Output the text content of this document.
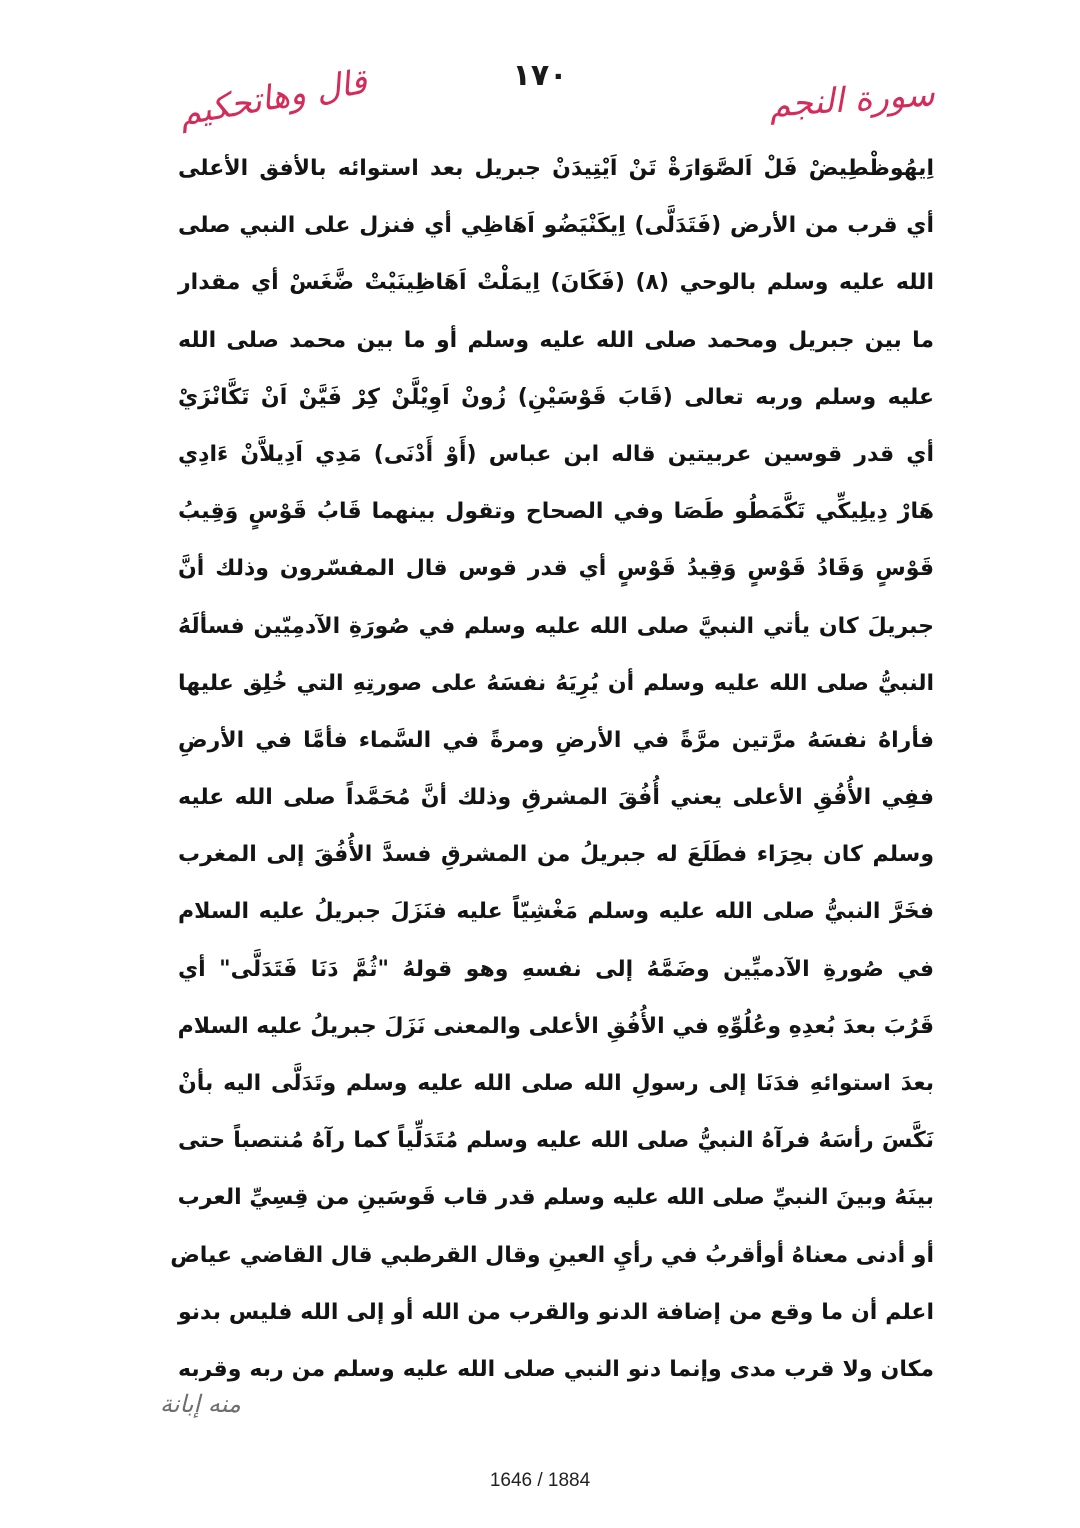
١٧٠	سورة النجم
قال وهاتحكيم
اِيهُوظْطِيضْ فَلْ اَلصَّوَارَةْ تَنْ اَيْتِيدَنْ جبريل بعد استوائه بالأفق الأعلى
أي قرب من الأرض (فَتَدَلَّى) اِيكَنْيَضُو اَهَاظِي أي فنزل على النبي صلى
الله عليه وسلم بالوحي (٨) (فَكَانَ) اِيمَلْتْ اَهَاظِينَيْتْ ضَّغَسْ أي مقدار
ما بين جبريل ومحمد صلى الله عليه وسلم أو ما بين محمد صلى الله
عليه وسلم وربه تعالى (قَابَ قَوْسَيْنِ) زُونْ اَوِيْلَّنْ كِرْ فَيَّنْ اَنْ تَكَّانْزَيْ
أي قدر قوسين عربيتين قاله ابن عباس (أَوْ أَدْنَى) مَدِي اَدِيلاَّنْ ءَادِي
هَارْ دِيلِيكِّي تَكَّمَطُو طَصَا وفي الصحاح وتقول بينهما قَابُ قَوْسٍ وَقِيبُ
قَوْسٍ وَقَادُ قَوْسٍ وَقِيدُ قَوْسٍ أي قدر قوس قال المفسّرون وذلك أنَّ
جبريلَ كان يأتي النبيَّ صلى الله عليه وسلم في صُورَةِ الآدمِيّين فسألَهُ
النبيُّ صلى الله عليه وسلم أن يُرِيَهُ نفسَهُ على صورتِهِ التي خُلِق عليها
فأراهُ نفسَهُ مرَّتين مرَّةً في الأرضِ ومرةً في السَّماء فأمَّا في الأرضِ
ففِي الأُفُقِ الأعلى يعني أُفُقَ المشرقِ وذلك أنَّ مُحَمَّداً صلى الله عليه
وسلم كان بحِرَاء فطَلَعَ له جبريلُ من المشرقِ فسدَّ الأُفُقَ إلى المغرب
فخَرَّ النبيُّ صلى الله عليه وسلم مَغْشِيّاً عليه فنَزَلَ جبريلُ عليه السلام
في صُورةِ الآدميِّين وضَمَّهُ إلى نفسهِ وهو قولهُ "ثُمَّ دَنَا فَتَدَلَّى" أي
قَرُبَ بعدَ بُعدِهِ وعُلُوِّهِ في الأُفُقِ الأعلى والمعنى نَزَلَ جبريلُ عليه السلام
بعدَ استوائهِ فدَنَا إلى رسولِ الله صلى الله عليه وسلم وتَدَلَّى اليه بأنْ
نَكَّسَ رأسَهُ فرآهُ النبيُّ صلى الله عليه وسلم مُتَدَلِّياً كما رآهُ مُنتصباً حتى
بينَهُ وبينَ النبيِّ صلى الله عليه وسلم قدر قاب قَوسَينِ من قِسِيِّ العرب
أو أدنى معناهُ أوأقربُ في رأيِ العينِ وقال القرطبي قال القاضي عياض
اعلم أن ما وقع من إضافة الدنو والقرب من الله أو إلى الله فليس بدنو
مكان ولا قرب مدى وإنما دنو النبي صلى الله عليه وسلم من ربه وقربه
منه إبانة
1646 / 1884
